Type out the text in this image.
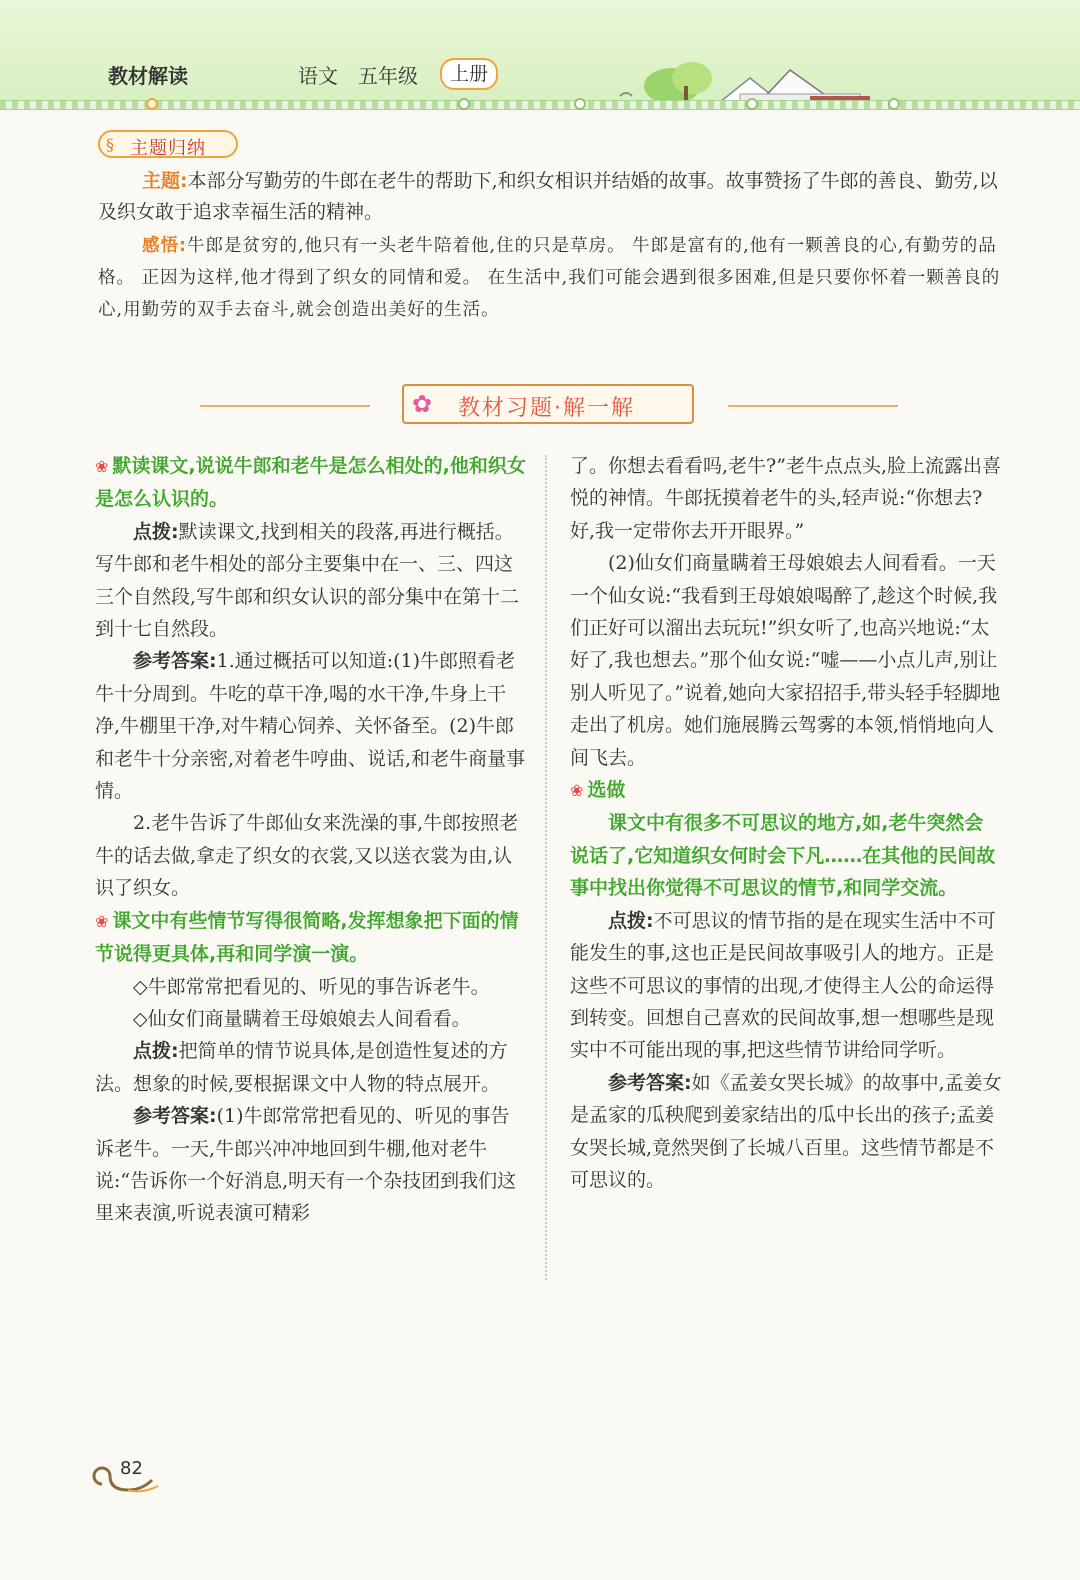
教材解读	语文 五年级	上册
§ 主题归纳

主题:本部分写勤劳的牛郎在老牛的帮助下,和织女相识并结婚的故事。故事赞扬了牛郎的善良、勤劳,以及织女敢于追求幸福生活的精神。

感悟:牛郎是贫穷的,他只有一头老牛陪着他,住的只是草房。 牛郎是富有的,他有一颗善良的心,有勤劳的品格。 正因为这样,他才得到了织女的同情和爱。 在生活中,我们可能会遇到很多困难,但是只要你怀着一颗善良的心,用勤劳的双手去奋斗,就会创造出美好的生活。

✿ 教材习题·解一解

❀ 默读课文,说说牛郎和老牛是怎么相处的,他和织女是怎么认识的。

点拨:默读课文,找到相关的段落,再进行概括。写牛郎和老牛相处的部分主要集中在一、三、四这三个自然段,写牛郎和织女认识的部分集中在第十二到十七自然段。

参考答案:1.通过概括可以知道:(1)牛郎照看老牛十分周到。牛吃的草干净,喝的水干净,牛身上干净,牛棚里干净,对牛精心饲养、关怀备至。(2)牛郎和老牛十分亲密,对着老牛哼曲、说话,和老牛商量事情。

2.老牛告诉了牛郎仙女来洗澡的事,牛郎按照老牛的话去做,拿走了织女的衣裳,又以送衣裳为由,认识了织女。

❀ 课文中有些情节写得很简略,发挥想象把下面的情节说得更具体,再和同学演一演。

◇牛郎常常把看见的、听见的事告诉老牛。

◇仙女们商量瞒着王母娘娘去人间看看。

点拨:把简单的情节说具体,是创造性复述的方法。想象的时候,要根据课文中人物的特点展开。

参考答案:(1)牛郎常常把看见的、听见的事告诉老牛。一天,牛郎兴冲冲地回到牛棚,他对老牛说:“告诉你一个好消息,明天有一个杂技团到我们这里来表演,听说表演可精彩

了。你想去看看吗,老牛?”老牛点点头,脸上流露出喜悦的神情。牛郎抚摸着老牛的头,轻声说:“你想去? 好,我一定带你去开开眼界。”

(2)仙女们商量瞒着王母娘娘去人间看看。一天一个仙女说:“我看到王母娘娘喝醉了,趁这个时候,我们正好可以溜出去玩玩!”织女听了,也高兴地说:“太好了,我也想去。”那个仙女说:“嘘——小点儿声,别让别人听见了。”说着,她向大家招招手,带头轻手轻脚地走出了机房。她们施展腾云驾雾的本领,悄悄地向人间飞去。

❀ 选做

课文中有很多不可思议的地方,如,老牛突然会说话了,它知道织女何时会下凡……在其他的民间故事中找出你觉得不可思议的情节,和同学交流。

点拨:不可思议的情节指的是在现实生活中不可能发生的事,这也正是民间故事吸引人的地方。正是这些不可思议的事情的出现,才使得主人公的命运得到转变。回想自己喜欢的民间故事,想一想哪些是现实中不可能出现的事,把这些情节讲给同学听。

参考答案:如《孟姜女哭长城》的故事中,孟姜女是孟家的瓜秧爬到姜家结出的瓜中长出的孩子;孟姜女哭长城,竟然哭倒了长城八百里。这些情节都是不可思议的。

82
